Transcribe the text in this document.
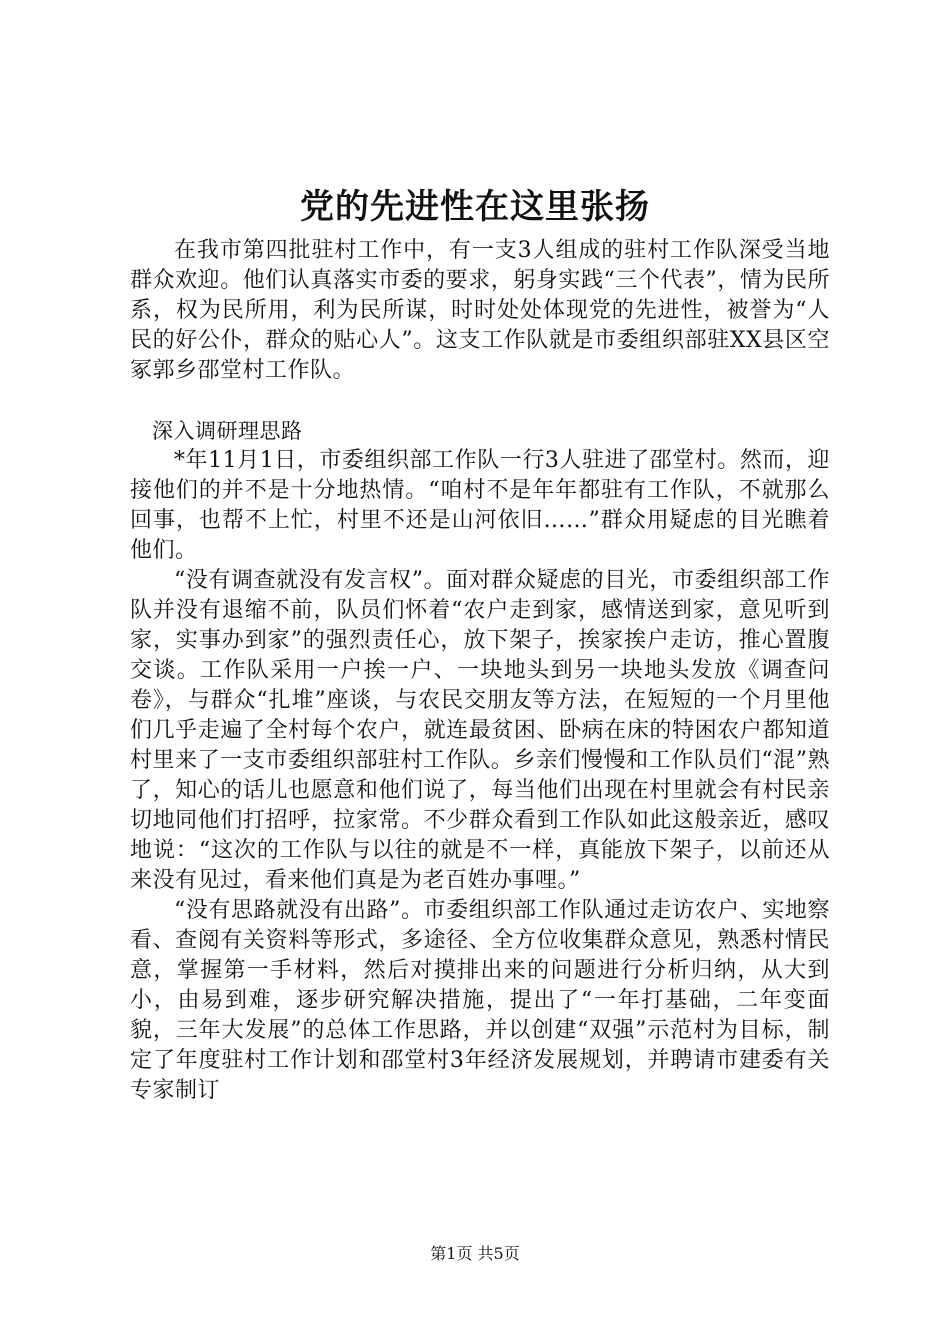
党的先进性在这里张扬

在我市第四批驻村工作中，有一支3人组成的驻村工作队深受当地群众欢迎。他们认真落实市委的要求，躬身实践“三个代表”，情为民所系，权为民所用，利为民所谋，时时处处体现党的先进性，被誉为“人民的好公仆，群众的贴心人”。这支工作队就是市委组织部驻XX县区空冢郭乡邵堂村工作队。

深入调研理思路

*年11月1日，市委组织部工作队一行3人驻进了邵堂村。然而，迎接他们的并不是十分地热情。“咱村不是年年都驻有工作队，不就那么回事，也帮不上忙，村里不还是山河依旧……”群众用疑虑的目光瞧着他们。

“没有调查就没有发言权”。面对群众疑虑的目光，市委组织部工作队并没有退缩不前，队员们怀着“农户走到家，感情送到家，意见听到家，实事办到家”的强烈责任心，放下架子，挨家挨户走访，推心置腹交谈。工作队采用一户挨一户、一块地头到另一块地头发放《调查问卷》，与群众“扎堆”座谈，与农民交朋友等方法，在短短的一个月里他们几乎走遍了全村每个农户，就连最贫困、卧病在床的特困农户都知道村里来了一支市委组织部驻村工作队。乡亲们慢慢和工作队员们“混”熟了，知心的话儿也愿意和他们说了，每当他们出现在村里就会有村民亲切地同他们打招呼，拉家常。不少群众看到工作队如此这般亲近，感叹地说：“这次的工作队与以往的就是不一样，真能放下架子，以前还从来没有见过，看来他们真是为老百姓办事哩。”

“没有思路就没有出路”。市委组织部工作队通过走访农户、实地察看、查阅有关资料等形式，多途径、全方位收集群众意见，熟悉村情民意，掌握第一手材料，然后对摸排出来的问题进行分析归纳，从大到小，由易到难，逐步研究解决措施，提出了“一年打基础，二年变面貌，三年大发展”的总体工作思路，并以创建“双强”示范村为目标，制定了年度驻村工作计划和邵堂村3年经济发展规划，并聘请市建委有关专家制订

第1页 共5页
